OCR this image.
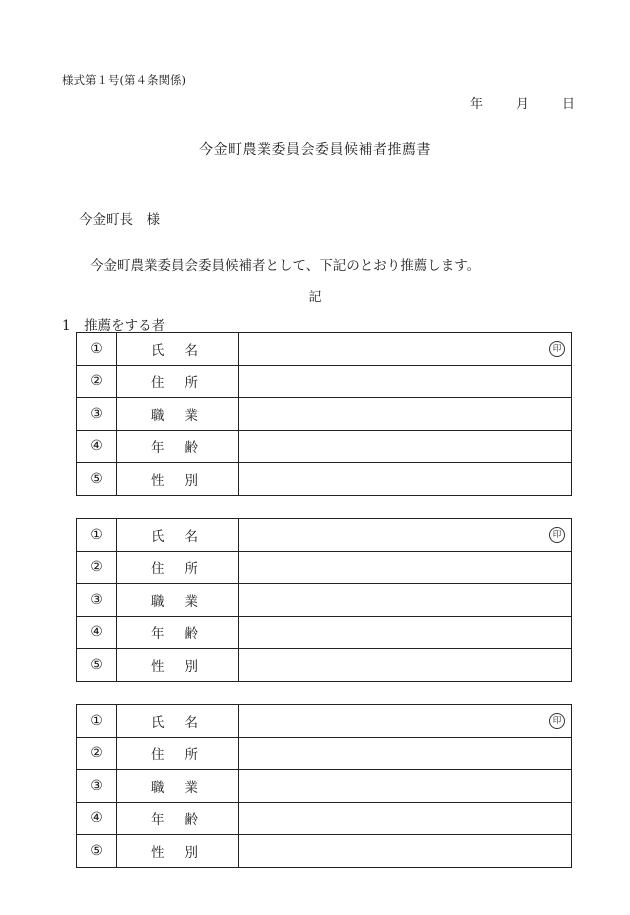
様式第１号(第４条関係)
年	月	日
今金町農業委員会委員候補者推薦書
今金町長　様
今金町農業委員会委員候補者として、下記のとおり推薦します。
記
1　推薦をする者
①	氏 名	印

②	住 所	
③	職 業	
④	年 齢	
⑤	性 別	
①	氏 名	印

②	住 所	
③	職 業	
④	年 齢	
⑤	性 別	
①	氏 名	印

②	住 所	
③	職 業	
④	年 齢	
⑤	性 別	
